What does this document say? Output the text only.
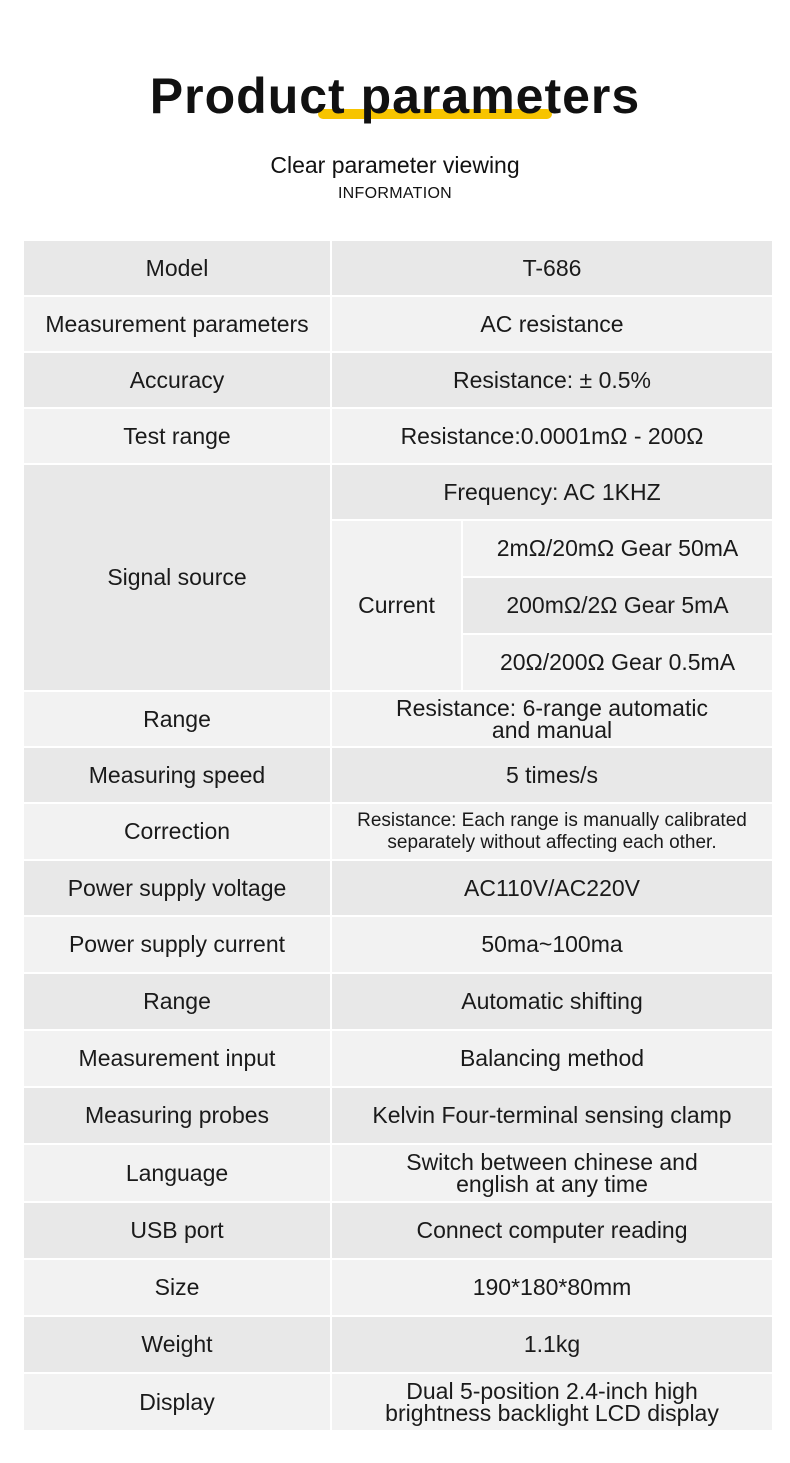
Product parameters
Clear parameter viewing
INFORMATION
Model	T-686	
Measurement parameters	AC resistance	
Accuracy	Resistance: ± 0.5%	
Test range	Resistance:0.0001mΩ - 200Ω	
Signal source	Frequency: AC 1KHZ	
	Current	2mΩ/20mΩ Gear 50mA
		200mΩ/2Ω Gear 5mA
		20Ω/200Ω Gear 0.5mA
Range	Resistance: 6-range automatic
and manual	

Measuring speed	5 times/s	
Correction	Resistance: Each range is manually calibrated
separately without affecting each other.	

Power supply voltage	AC110V/AC220V	
Power supply current	50ma~100ma	
Range	Automatic shifting	
Measurement input	Balancing method	
Measuring probes	Kelvin Four-terminal sensing clamp	
Language	Switch between chinese and
english at any time	

USB port	Connect computer reading	
Size	190*180*80mm	
Weight	1.1kg	
Display	Dual 5-position 2.4-inch high
brightness backlight LCD display	
